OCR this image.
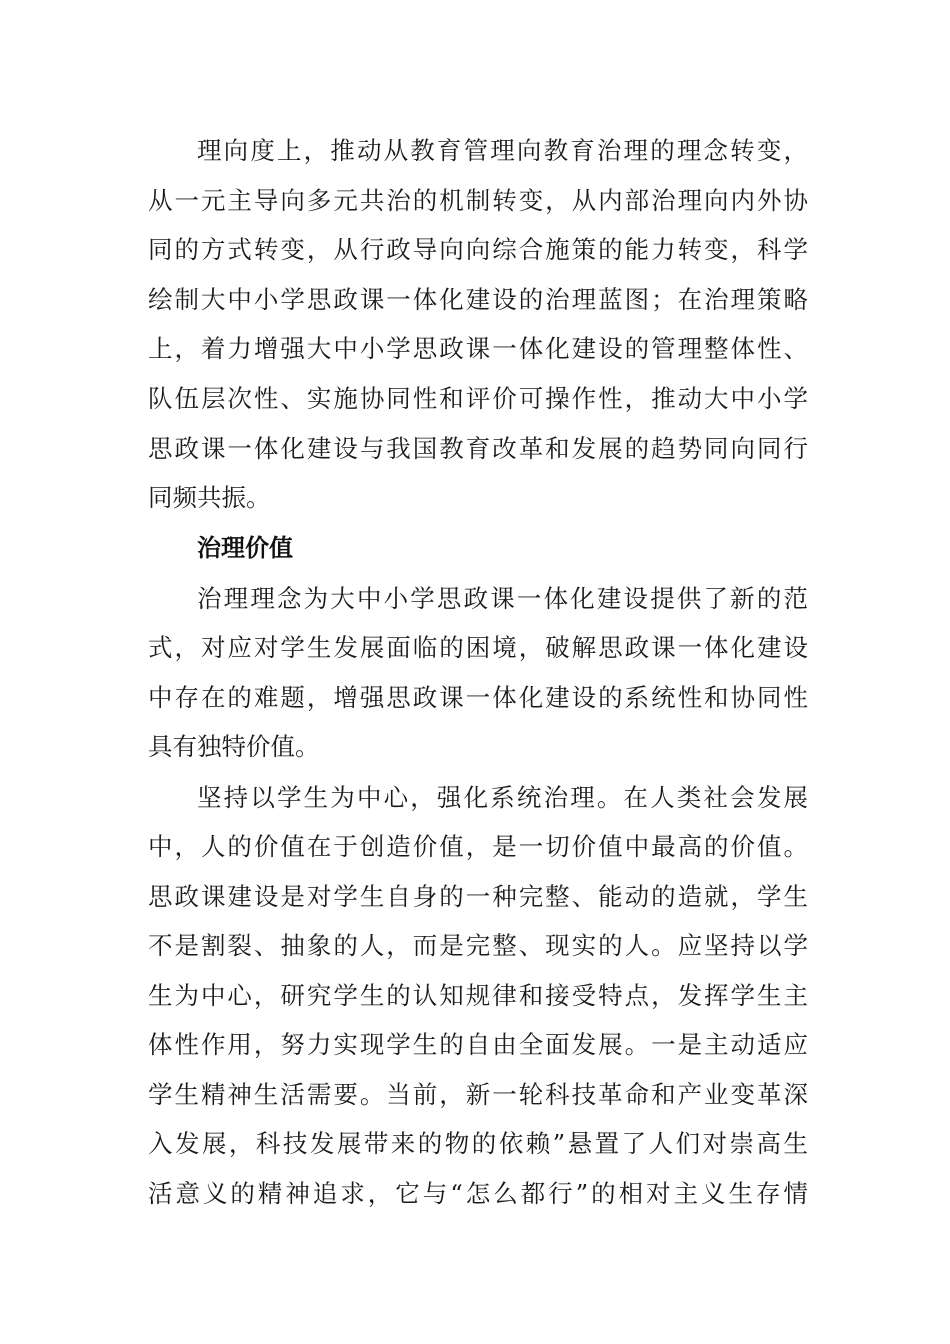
理向度上，推动从教育管理向教育治理的理念转变，
从一元主导向多元共治的机制转变，从内部治理向内外协
同的方式转变，从行政导向向综合施策的能力转变，科学
绘制大中小学思政课一体化建设的治理蓝图；在治理策略
上，着力增强大中小学思政课一体化建设的管理整体性、
队伍层次性、实施协同性和评价可操作性，推动大中小学
思政课一体化建设与我国教育改革和发展的趋势同向同行
同频共振。
治理价值
治理理念为大中小学思政课一体化建设提供了新的范
式，对应对学生发展面临的困境，破解思政课一体化建设
中存在的难题，增强思政课一体化建设的系统性和协同性
具有独特价值。
坚持以学生为中心，强化系统治理。在人类社会发展
中，人的价值在于创造价值，是一切价值中最高的价值。
思政课建设是对学生自身的一种完整、能动的造就，学生
不是割裂、抽象的人，而是完整、现实的人。应坚持以学
生为中心，研究学生的认知规律和接受特点，发挥学生主
体性作用，努力实现学生的自由全面发展。一是主动适应
学生精神生活需要。当前，新一轮科技革命和产业变革深
入发展，科技发展带来的物的依赖”悬置了人们对崇高生
活意义的精神追求，它与“怎么都行”的相对主义生存情
